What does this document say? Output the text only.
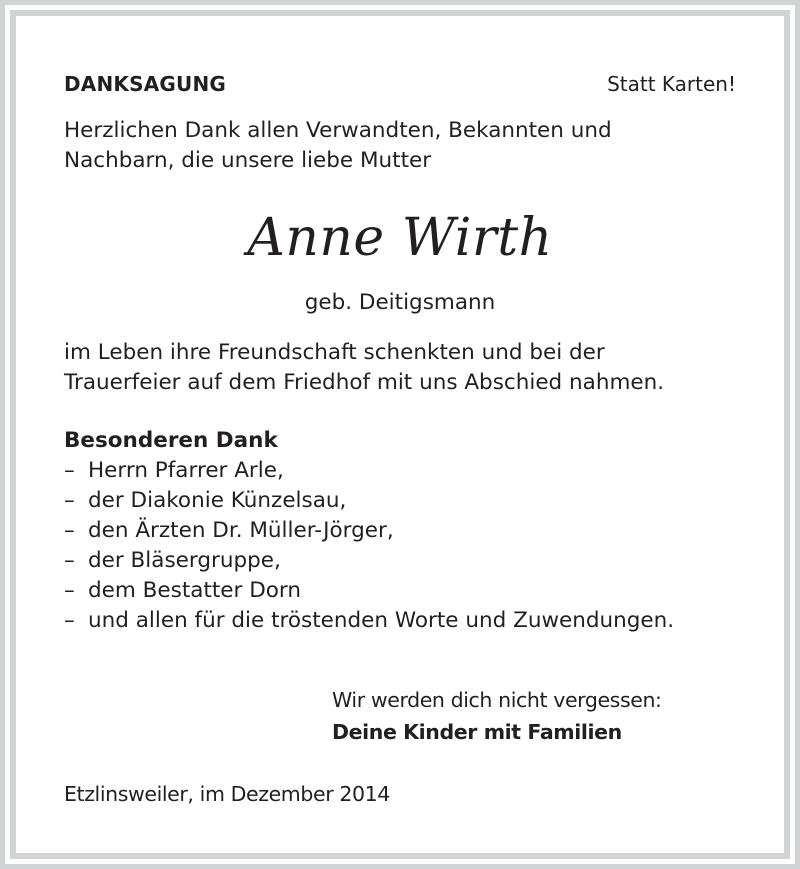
DANKSAGUNG	Statt Karten!
Herzlichen Dank allen Verwandten, Bekannten und
Nachbarn, die unsere liebe Mutter
Anne Wirth
geb. Deitigsmann
im Leben ihre Freundschaft schenkten und bei der
Trauerfeier auf dem Friedhof mit uns Abschied nahmen.
Besonderen Dank
– Herrn Pfarrer Arle,
– der Diakonie Künzelsau,
– den Ärzten Dr. Müller-Jörger,
– der Bläsergruppe,
– dem Bestatter Dorn
– und allen für die tröstenden Worte und Zuwendungen.
Wir werden dich nicht vergessen:
Deine Kinder mit Familien
Etzlinsweiler, im Dezember 2014
